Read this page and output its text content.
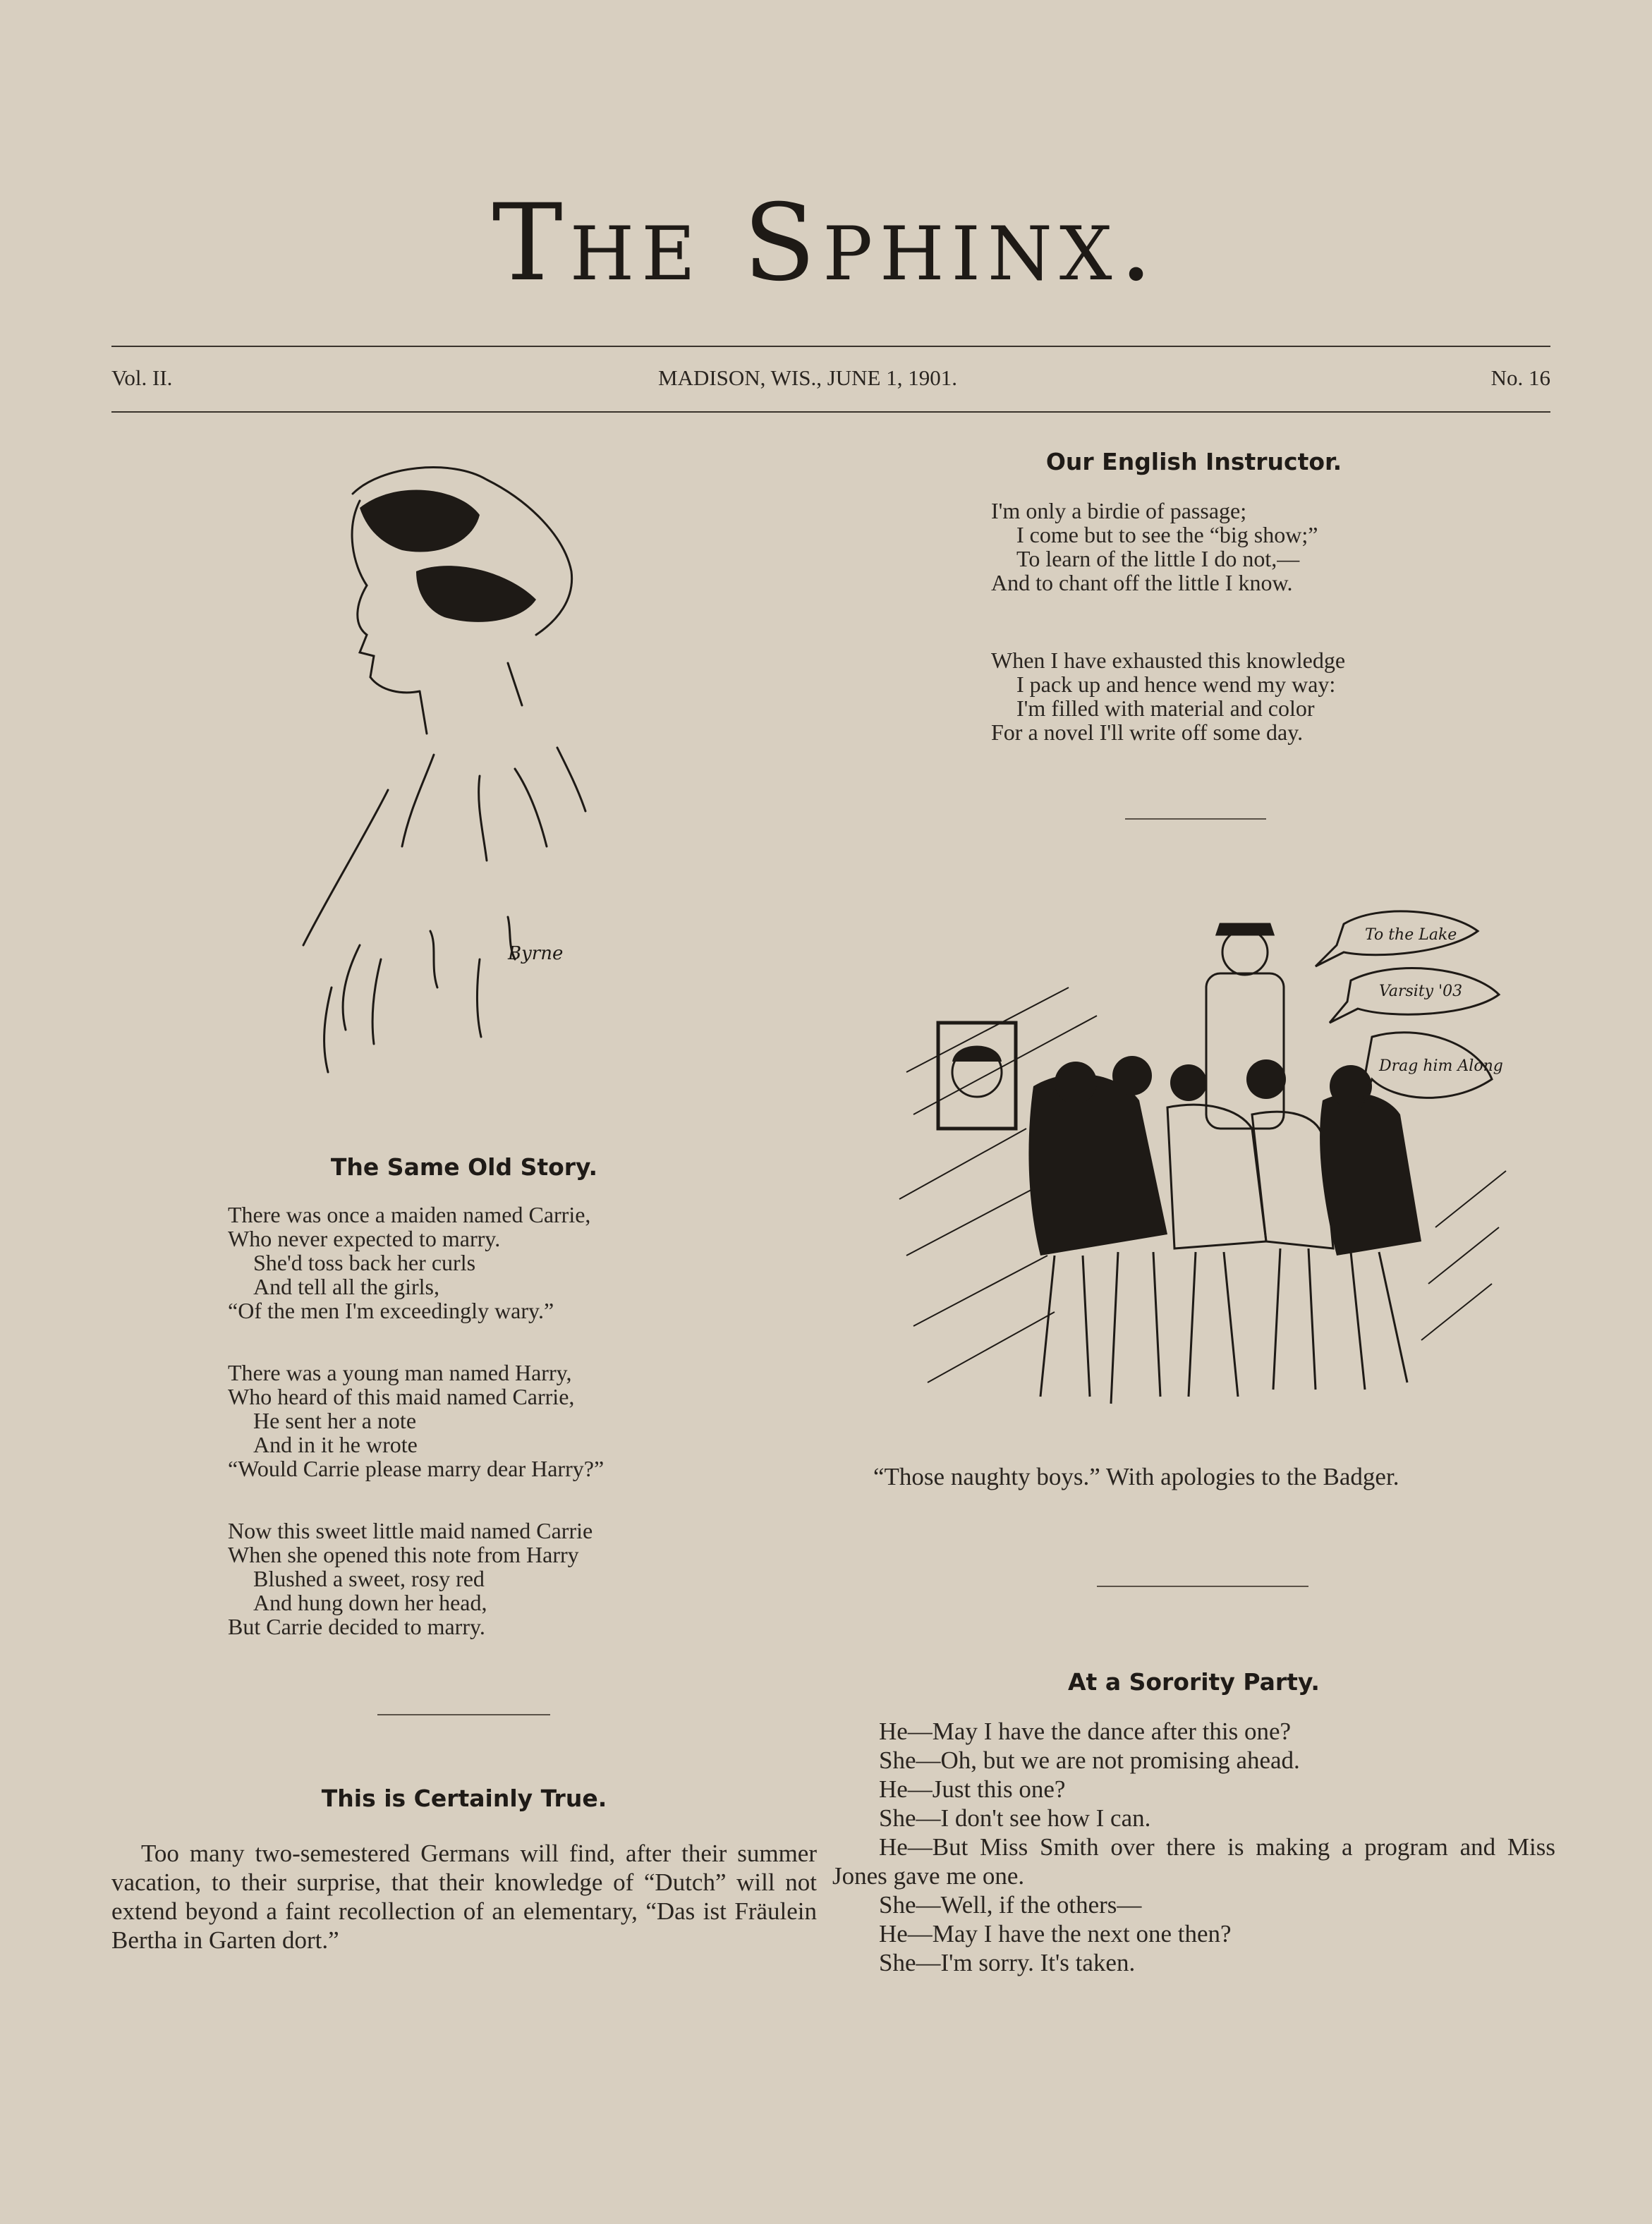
The Sphinx.
Vol. II.	MADISON, WIS., JUNE 1, 1901.	No. 16
Byrne
The Same Old Story.

There was once a maiden named Carrie,
Who never expected to marry.
She'd toss back her curls
And tell all the girls,
“Of the men I'm exceedingly wary.”

There was a young man named Harry,
Who heard of this maid named Carrie,
He sent her a note
And in it he wrote
“Would Carrie please marry dear Harry?”

Now this sweet little maid named Carrie
When she opened this note from Harry
Blushed a sweet, rosy red
And hung down her head,
But Carrie decided to marry.

This is Certainly True.
Too many two-semestered Germans will find, after their summer vacation, to their surprise, that their knowledge of “Dutch” will not extend beyond a faint recollection of an elementary, “Das ist Fräulein Bertha in Garten dort.”
Our English Instructor.

I'm only a birdie of passage;
I come but to see the “big show;”
To learn of the little I do not,—
And to chant off the little I know.

When I have exhausted this knowledge
I pack up and hence wend my way:
I'm filled with material and color
For a novel I'll write off some day.

To the Lake
Varsity '03
Drag him Along
“Those naughty boys.” With apologies to the Badger.
At a Sorority Party.
He—May I have the dance after this one?
She—Oh, but we are not promising ahead.
He—Just this one?
She—I don't see how I can.
He—But Miss Smith over there is making a program and Miss Jones gave me one.
She—Well, if the others—
He—May I have the next one then?
She—I'm sorry. It's taken.
